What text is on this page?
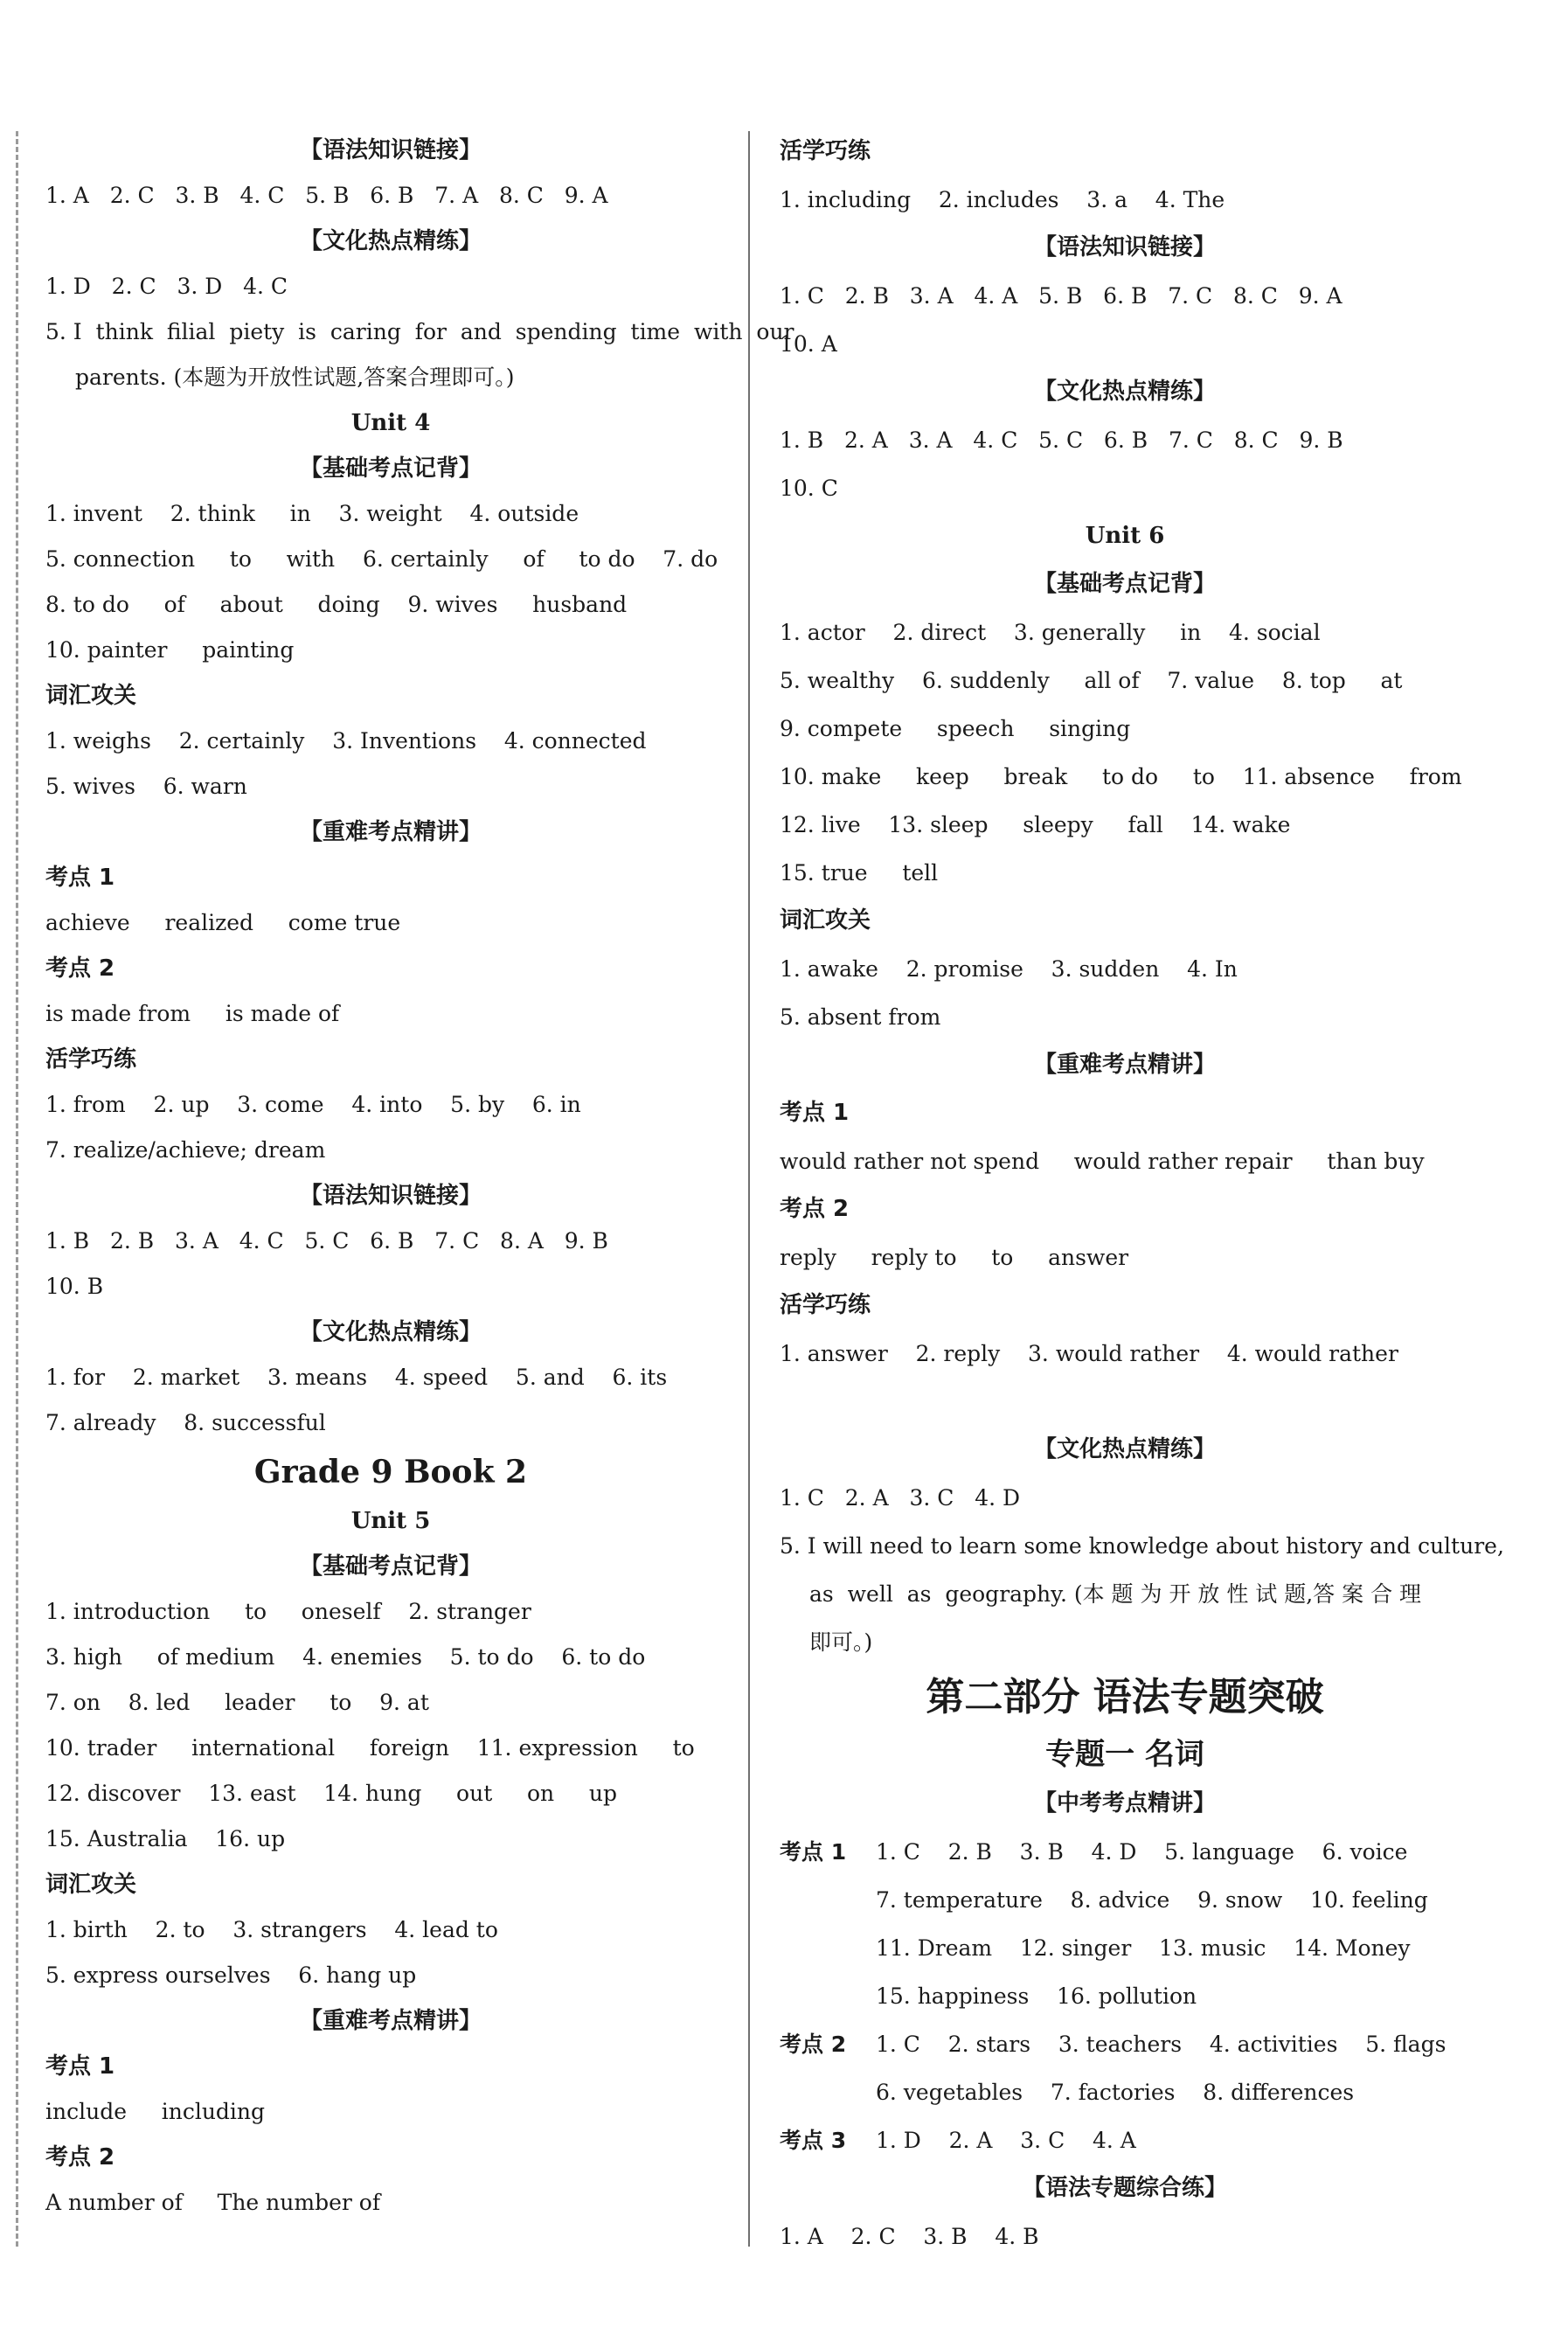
【语法知识链接】
1. A   2. C   3. B   4. C   5. B   6. B   7. A   8. C   9. A
【文化热点精练】
1. D   2. C   3. D   4. C
5. I  think  filial  piety  is  caring  for  and  spending  time  with  our
parents. (本题为开放性试题,答案合理即可。)
Unit 4
【基础考点记背】
1. invent    2. think     in    3. weight    4. outside
5. connection     to     with    6. certainly     of     to do    7. do
8. to do     of     about     doing    9. wives     husband
10. painter     painting
词汇攻关
1. weighs    2. certainly    3. Inventions    4. connected
5. wives    6. warn
【重难考点精讲】
考点 1
achieve     realized     come true
考点 2
is made from     is made of
活学巧练
1. from    2. up    3. come    4. into    5. by    6. in
7. realize/achieve; dream
【语法知识链接】
1. B   2. B   3. A   4. C   5. C   6. B   7. C   8. A   9. B
10. B
【文化热点精练】
1. for    2. market    3. means    4. speed    5. and    6. its
7. already    8. successful
Grade 9 Book 2
Unit 5
【基础考点记背】
1. introduction     to     oneself    2. stranger
3. high     of medium    4. enemies    5. to do    6. to do
7. on    8. led     leader     to    9. at
10. trader     international     foreign    11. expression     to
12. discover    13. east    14. hung     out     on     up
15. Australia    16. up
词汇攻关
1. birth    2. to    3. strangers    4. lead to
5. express ourselves    6. hang up
【重难考点精讲】
考点 1
include     including
考点 2
A number of     The number of
活学巧练
1. including    2. includes    3. a    4. The
【语法知识链接】
1. C   2. B   3. A   4. A   5. B   6. B   7. C   8. C   9. A
10. A
【文化热点精练】
1. B   2. A   3. A   4. C   5. C   6. B   7. C   8. C   9. B
10. C
Unit 6
【基础考点记背】
1. actor    2. direct    3. generally     in    4. social
5. wealthy    6. suddenly     all of    7. value    8. top     at
9. compete     speech     singing
10. make     keep     break     to do     to    11. absence     from
12. live    13. sleep     sleepy     fall    14. wake
15. true     tell
词汇攻关
1. awake    2. promise    3. sudden    4. In
5. absent from
【重难考点精讲】
考点 1
would rather not spend     would rather repair     than buy
考点 2
reply     reply to     to     answer
活学巧练
1. answer    2. reply    3. would rather    4. would rather
【文化热点精练】
1. C   2. A   3. C   4. D
5. I will need to learn some knowledge about history and culture,
as  well  as  geography. (本 题 为 开 放 性 试 题,答 案 合 理
即可。)
第二部分 语法专题突破
专题一 名词
【中考考点精讲】
考点 1	1. C    2. B    3. B    4. D    5. language    6. voice
7. temperature    8. advice    9. snow    10. feeling
11. Dream    12. singer    13. music    14. Money
15. happiness    16. pollution
考点 2	1. C    2. stars    3. teachers    4. activities    5. flags
6. vegetables    7. factories    8. differences
考点 3	1. D    2. A    3. C    4. A
【语法专题综合练】
1. A    2. C    3. B    4. B
